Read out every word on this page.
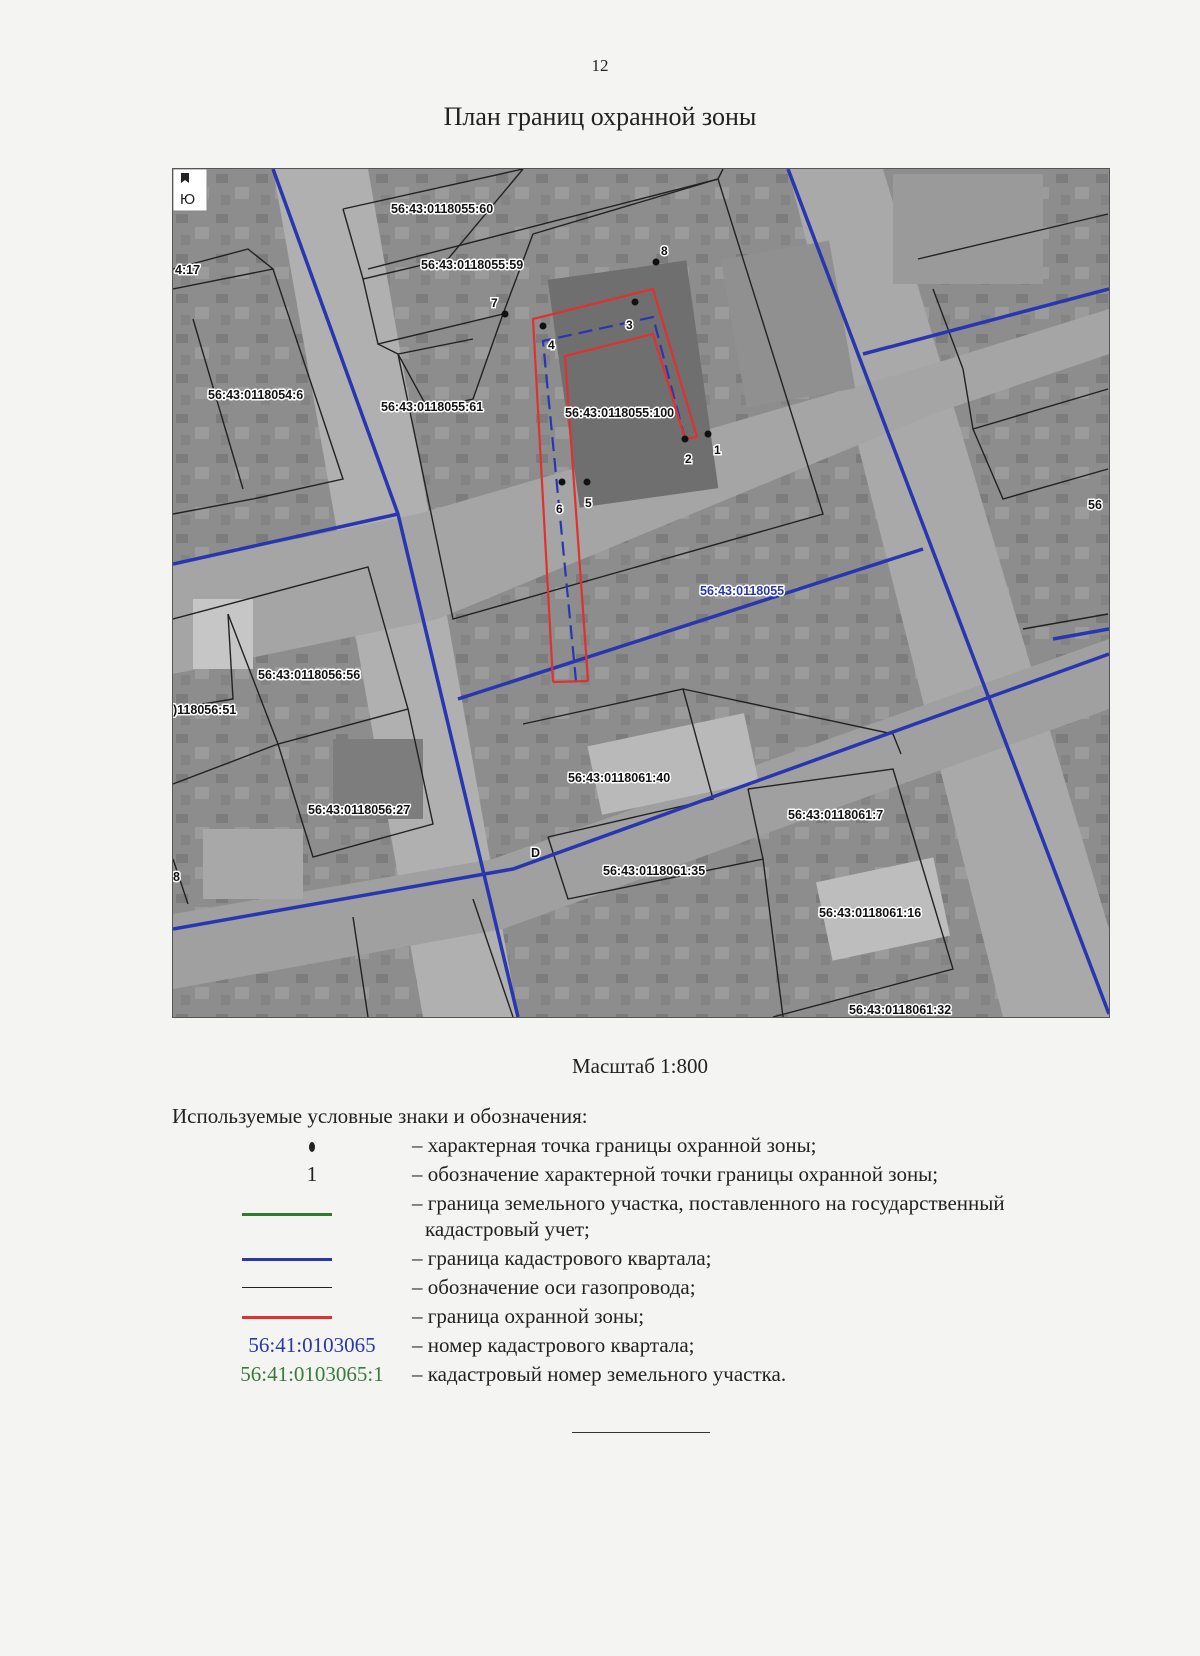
12
План границ охранной зоны
1
2
3
4
5
6
7
8
56:43:0118055:60
56:43:0118055:59
56:43:0118055:61	56:43:0118055:100
56:43:0118054:6
4:17
56
56:43:0118056:56
)118056:51
56:43:0118056:27
56:43:0118061:40
56:43:0118061:7
56:43:0118061:35
56:43:0118061:16
56:43:0118061:32
8
D
56:43:0118055
Ю
Масштаб 1:800
Используемые условные знаки и обозначения:
– характерная точка границы охранной зоны;
1	– обозначение характерной точки границы охранной зоны;
– граница земельного участка, поставленного на государственный
кадастровый учет;
– граница кадастрового квартала;
– обозначение оси газопровода;
– граница охранной зоны;
56:41:0103065	– номер кадастрового квартала;
56:41:0103065:1	– кадастровый номер земельного участка.
